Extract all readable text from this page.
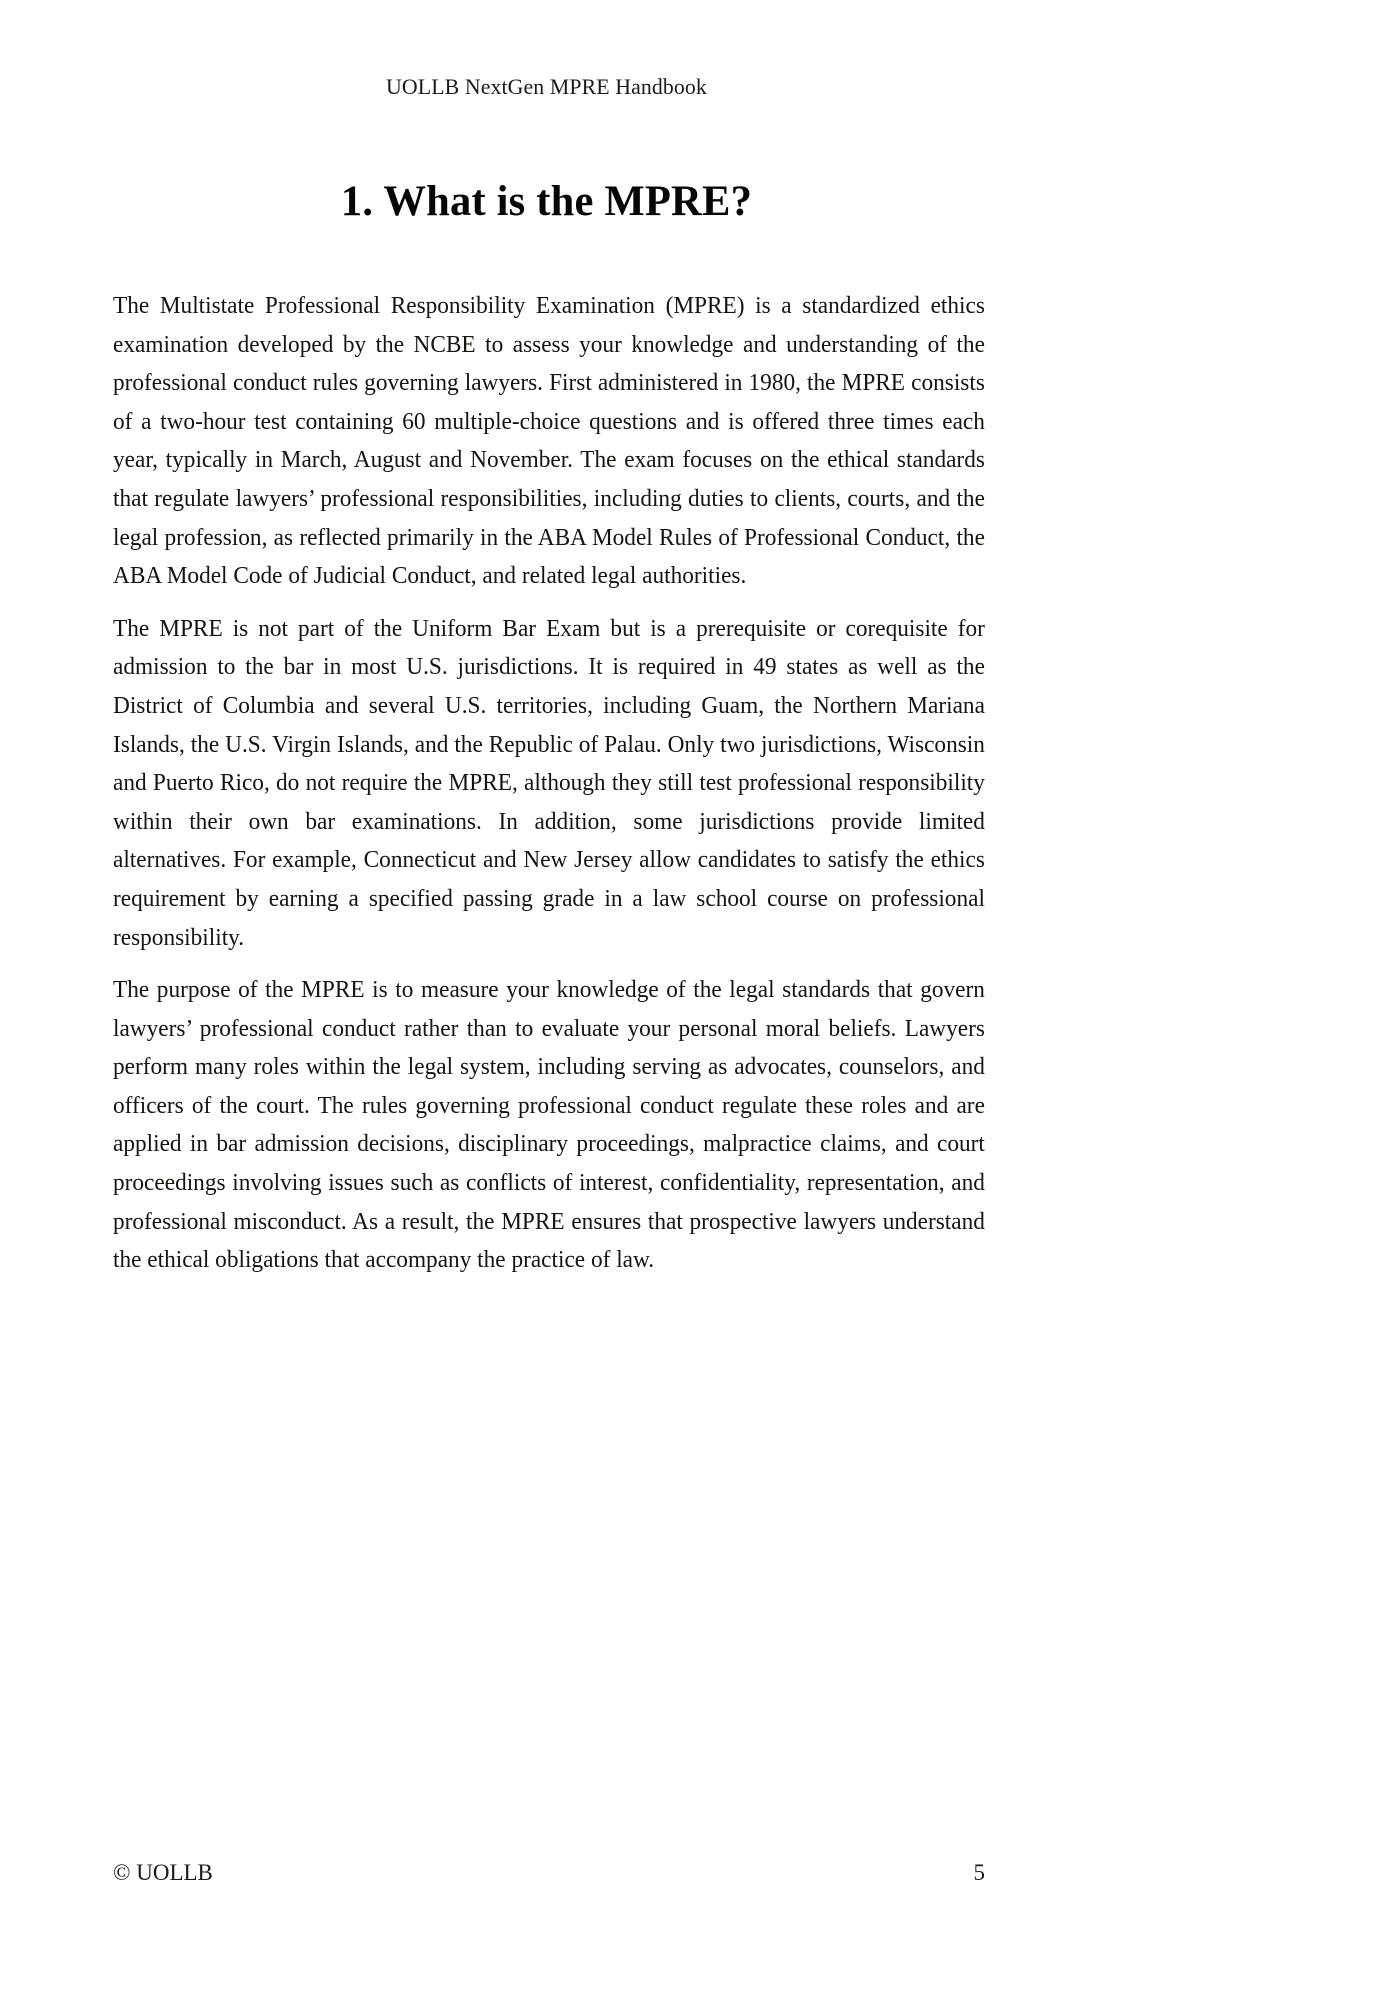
UOLLB NextGen MPRE Handbook
1. What is the MPRE?

The Multistate Professional Responsibility Examination (MPRE) is a standardized ethics examination developed by the NCBE to assess your knowledge and understanding of the professional conduct rules governing lawyers. First administered in 1980, the MPRE consists of a two-hour test containing 60 multiple-choice questions and is offered three times each year, typically in March, August and November. The exam focuses on the ethical standards that regulate lawyers’ professional responsibilities, including duties to clients, courts, and the legal profession, as reflected primarily in the ABA Model Rules of Professional Conduct, the ABA Model Code of Judicial Conduct, and related legal authorities.

The MPRE is not part of the Uniform Bar Exam but is a prerequisite or corequisite for admission to the bar in most U.S. jurisdictions. It is required in 49 states as well as the District of Columbia and several U.S. territories, including Guam, the Northern Mariana Islands, the U.S. Virgin Islands, and the Republic of Palau. Only two jurisdictions, Wisconsin and Puerto Rico, do not require the MPRE, although they still test professional responsibility within their own bar examinations. In addition, some jurisdictions provide limited alternatives. For example, Connecticut and New Jersey allow candidates to satisfy the ethics requirement by earning a specified passing grade in a law school course on professional responsibility.

The purpose of the MPRE is to measure your knowledge of the legal standards that govern lawyers’ professional conduct rather than to evaluate your personal moral beliefs. Lawyers perform many roles within the legal system, including serving as advocates, counselors, and officers of the court. The rules governing professional conduct regulate these roles and are applied in bar admission decisions, disciplinary proceedings, malpractice claims, and court proceedings involving issues such as conflicts of interest, confidentiality, representation, and professional misconduct. As a result, the MPRE ensures that prospective lawyers understand the ethical obligations that accompany the practice of law.

© UOLLB	5
